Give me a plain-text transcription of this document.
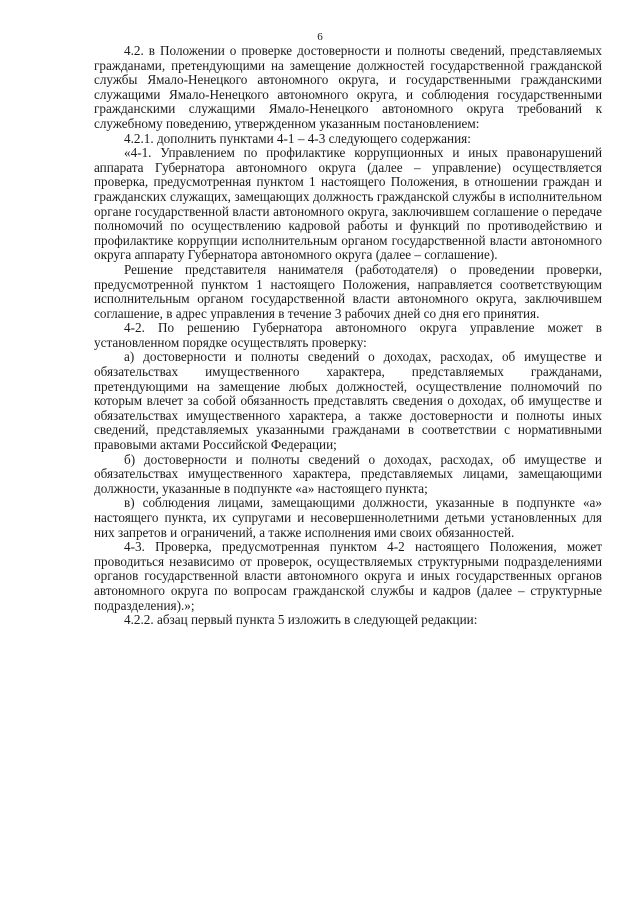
6

4.2. в Положении о проверке достоверности и полноты сведений, представляемых гражданами, претендующими на замещение должностей государственной гражданской службы Ямало-Ненецкого автономного округа, и государственными гражданскими служащими Ямало-Ненецкого автономного округа, и соблюдения государственными гражданскими служащими Ямало-Ненецкого автономного округа требований к служебному поведению, утвержденном указанным постановлением:

4.2.1. дополнить пунктами 4-1 – 4-3 следующего содержания:

«4-1. Управлением по профилактике коррупционных и иных правонарушений аппарата Губернатора автономного округа (далее – управление) осуществляется проверка, предусмотренная пунктом 1 настоящего Положения, в отношении граждан и гражданских служащих, замещающих должность гражданской службы в исполнительном органе государственной власти автономного округа, заключившем соглашение о передаче полномочий по осуществлению кадровой работы и функций по противодействию и профилактике коррупции исполнительным органом государственной власти автономного округа аппарату Губернатора автономного округа (далее – соглашение).

Решение представителя нанимателя (работодателя) о проведении проверки, предусмотренной пунктом 1 настоящего Положения, направляется соответствующим исполнительным органом государственной власти автономного округа, заключившем соглашение, в адрес управления в течение 3 рабочих дней со дня его принятия.

4-2. По решению Губернатора автономного округа управление может в установленном порядке осуществлять проверку:

а) достоверности и полноты сведений о доходах, расходах, об имуществе и обязательствах имущественного характера, представляемых гражданами, претендующими на замещение любых должностей, осуществление полномочий по которым влечет за собой обязанность представлять сведения о доходах, об имуществе и обязательствах имущественного характера, а также достоверности и полноты иных сведений, представляемых указанными гражданами в соответствии с нормативными правовыми актами Российской Федерации;

б) достоверности и полноты сведений о доходах, расходах, об имуществе и обязательствах имущественного характера, представляемых лицами, замещающими должности, указанные в подпункте «а» настоящего пункта;

в) соблюдения лицами, замещающими должности, указанные в подпункте «а» настоящего пункта, их супругами и несовершеннолетними детьми установленных для них запретов и ограничений, а также исполнения ими своих обязанностей.

4-3. Проверка, предусмотренная пунктом 4-2 настоящего Положения, может проводиться независимо от проверок, осуществляемых структурными подразделениями органов государственной власти автономного округа и иных государственных органов автономного округа по вопросам гражданской службы и кадров (далее – структурные подразделения).»;

4.2.2. абзац первый пункта 5 изложить в следующей редакции:
